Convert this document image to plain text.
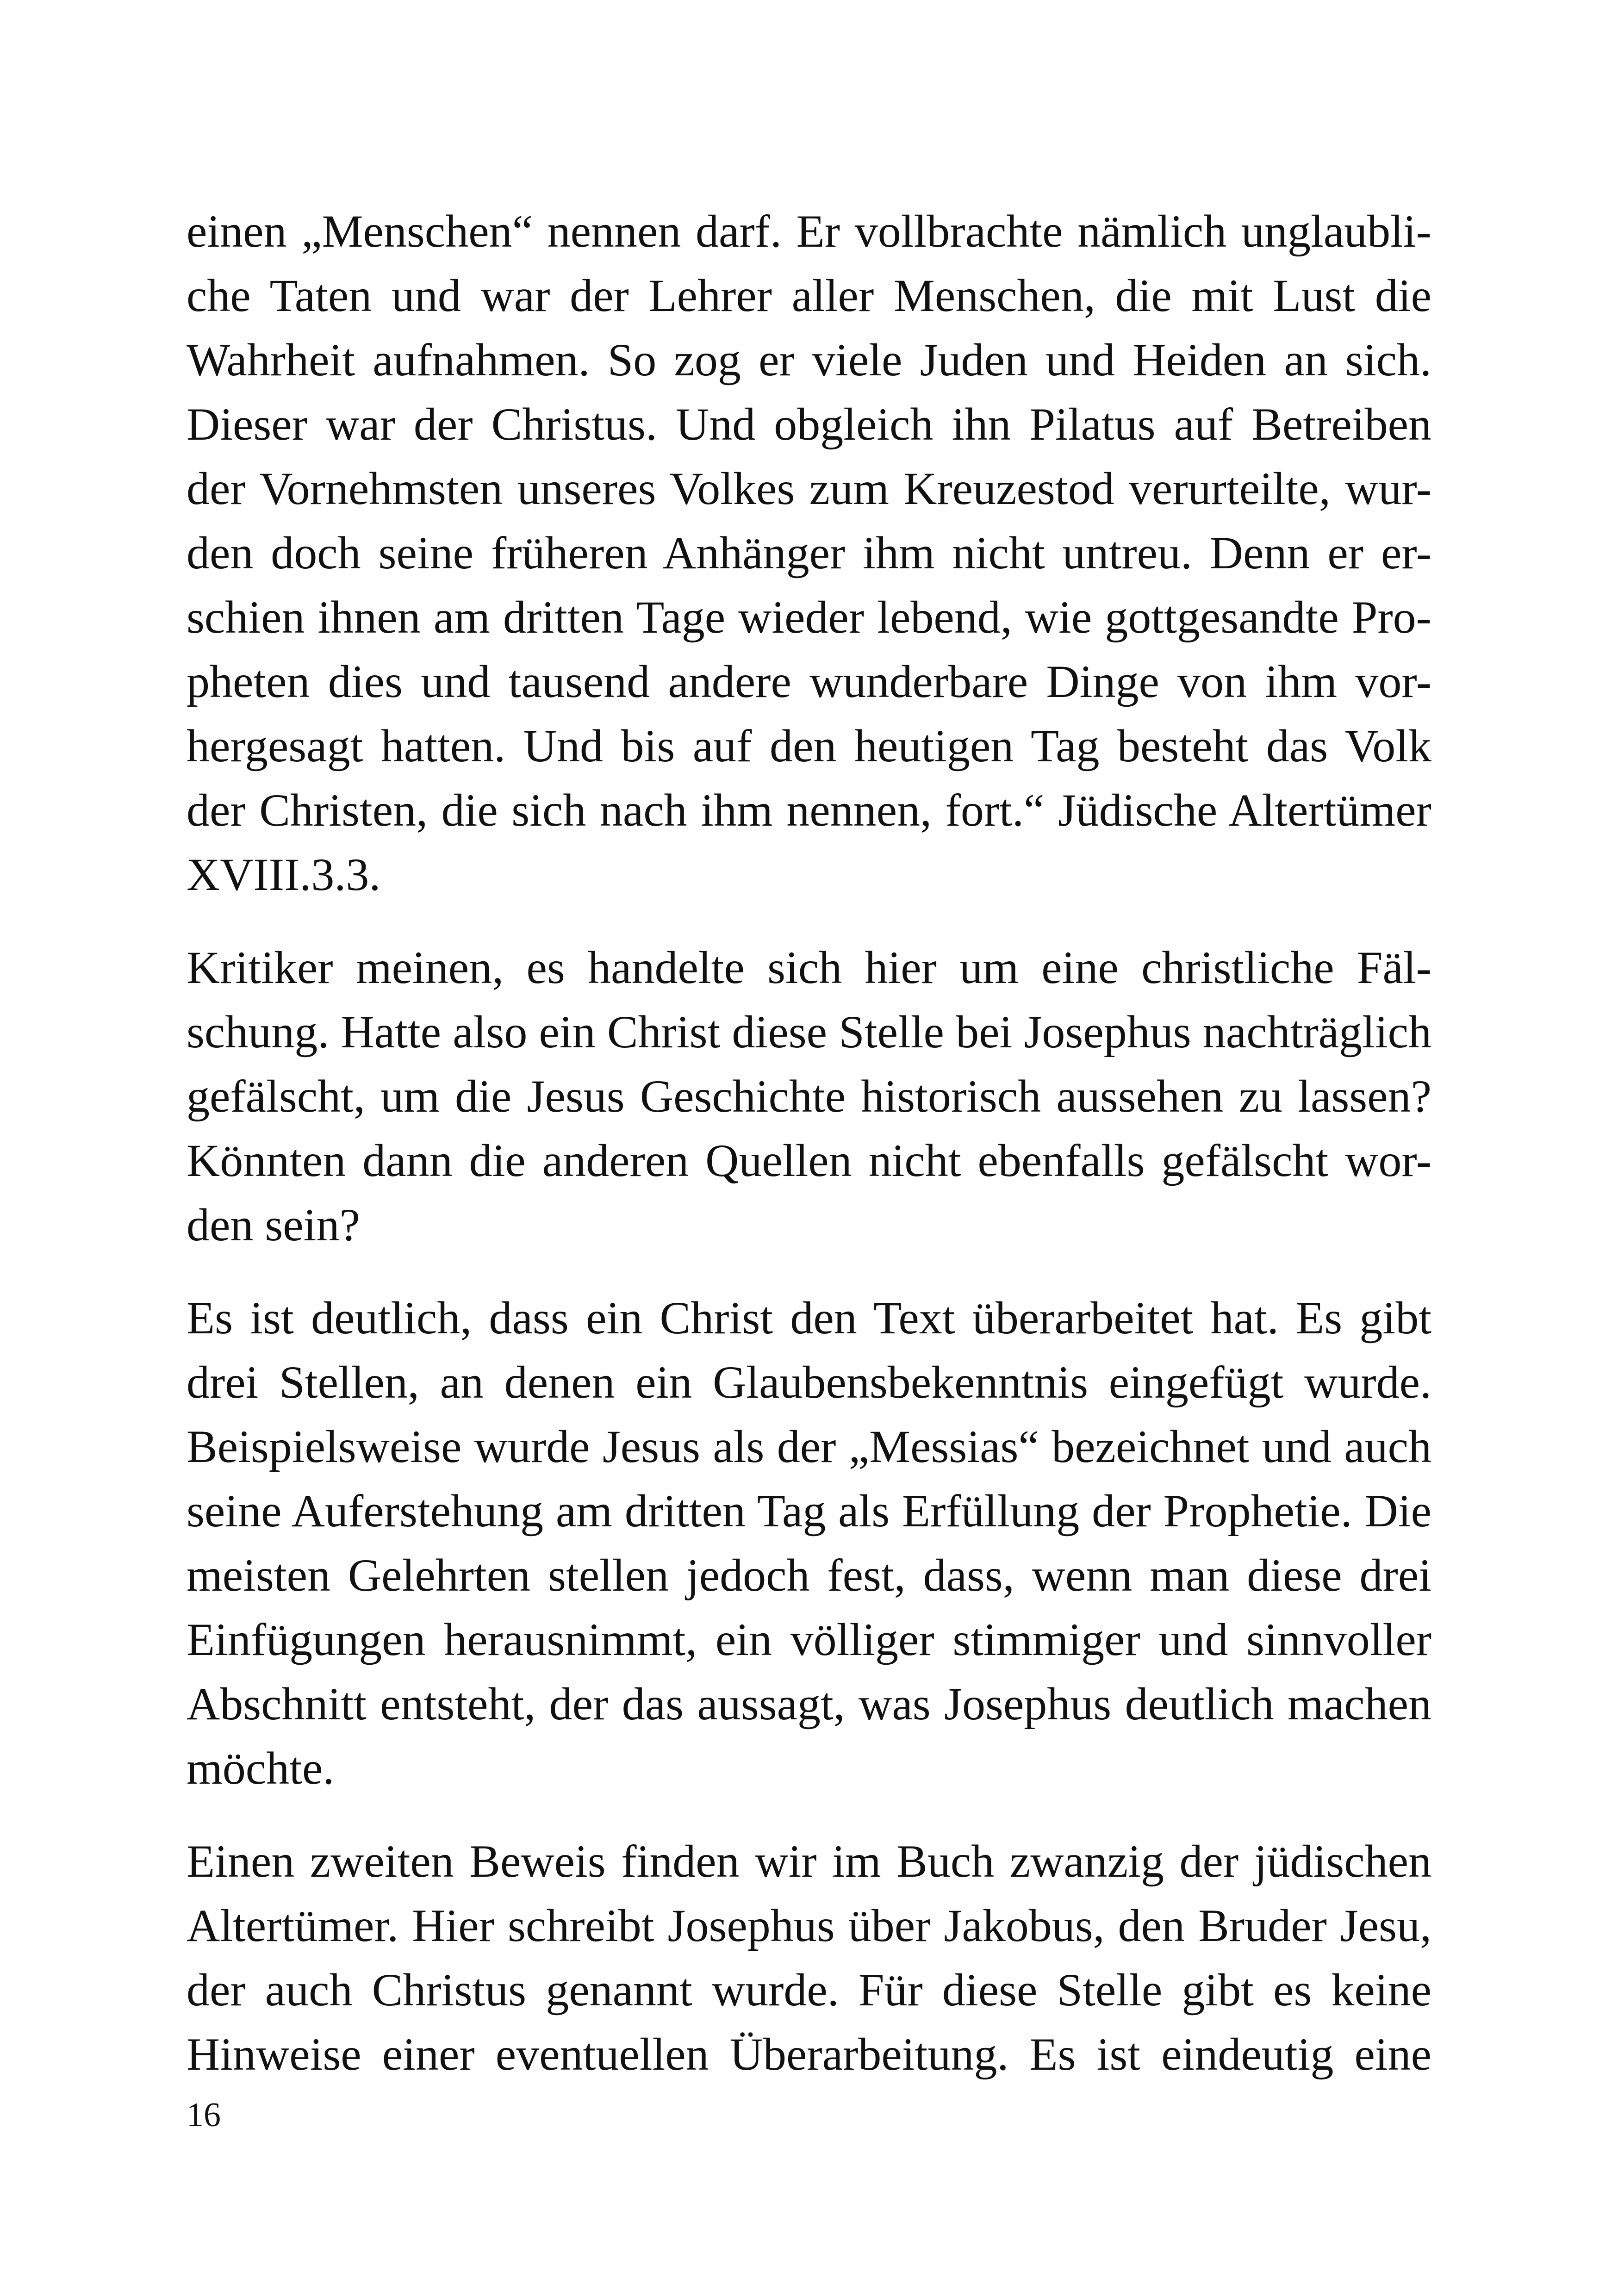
einen „Menschen“ nennen darf. Er vollbrachte nämlich unglaubli-
che Taten und war der Lehrer aller Menschen, die mit Lust die
Wahrheit aufnahmen. So zog er viele Juden und Heiden an sich.
Dieser war der Christus. Und obgleich ihn Pilatus auf Betreiben
der Vornehmsten unseres Volkes zum Kreuzestod verurteilte, wur-
den doch seine früheren Anhänger ihm nicht untreu. Denn er er-
schien ihnen am dritten Tage wieder lebend, wie gottgesandte Pro-
pheten dies und tausend andere wunderbare Dinge von ihm vor-
hergesagt hatten. Und bis auf den heutigen Tag besteht das Volk
der Christen, die sich nach ihm nennen, fort.“ Jüdische Altertümer
XVIII.3.3.
Kritiker meinen, es handelte sich hier um eine christliche Fäl-
schung. Hatte also ein Christ diese Stelle bei Josephus nachträglich
gefälscht, um die Jesus Geschichte historisch aussehen zu lassen?
Könnten dann die anderen Quellen nicht ebenfalls gefälscht wor-
den sein?
Es ist deutlich, dass ein Christ den Text überarbeitet hat. Es gibt
drei Stellen, an denen ein Glaubensbekenntnis eingefügt wurde.
Beispielsweise wurde Jesus als der „Messias“ bezeichnet und auch
seine Auferstehung am dritten Tag als Erfüllung der Prophetie. Die
meisten Gelehrten stellen jedoch fest, dass, wenn man diese drei
Einfügungen herausnimmt, ein völliger stimmiger und sinnvoller
Abschnitt entsteht, der das aussagt, was Josephus deutlich machen
möchte.
Einen zweiten Beweis finden wir im Buch zwanzig der jüdischen
Altertümer. Hier schreibt Josephus über Jakobus, den Bruder Jesu,
der auch Christus genannt wurde. Für diese Stelle gibt es keine
Hinweise einer eventuellen Überarbeitung. Es ist eindeutig eine
16
